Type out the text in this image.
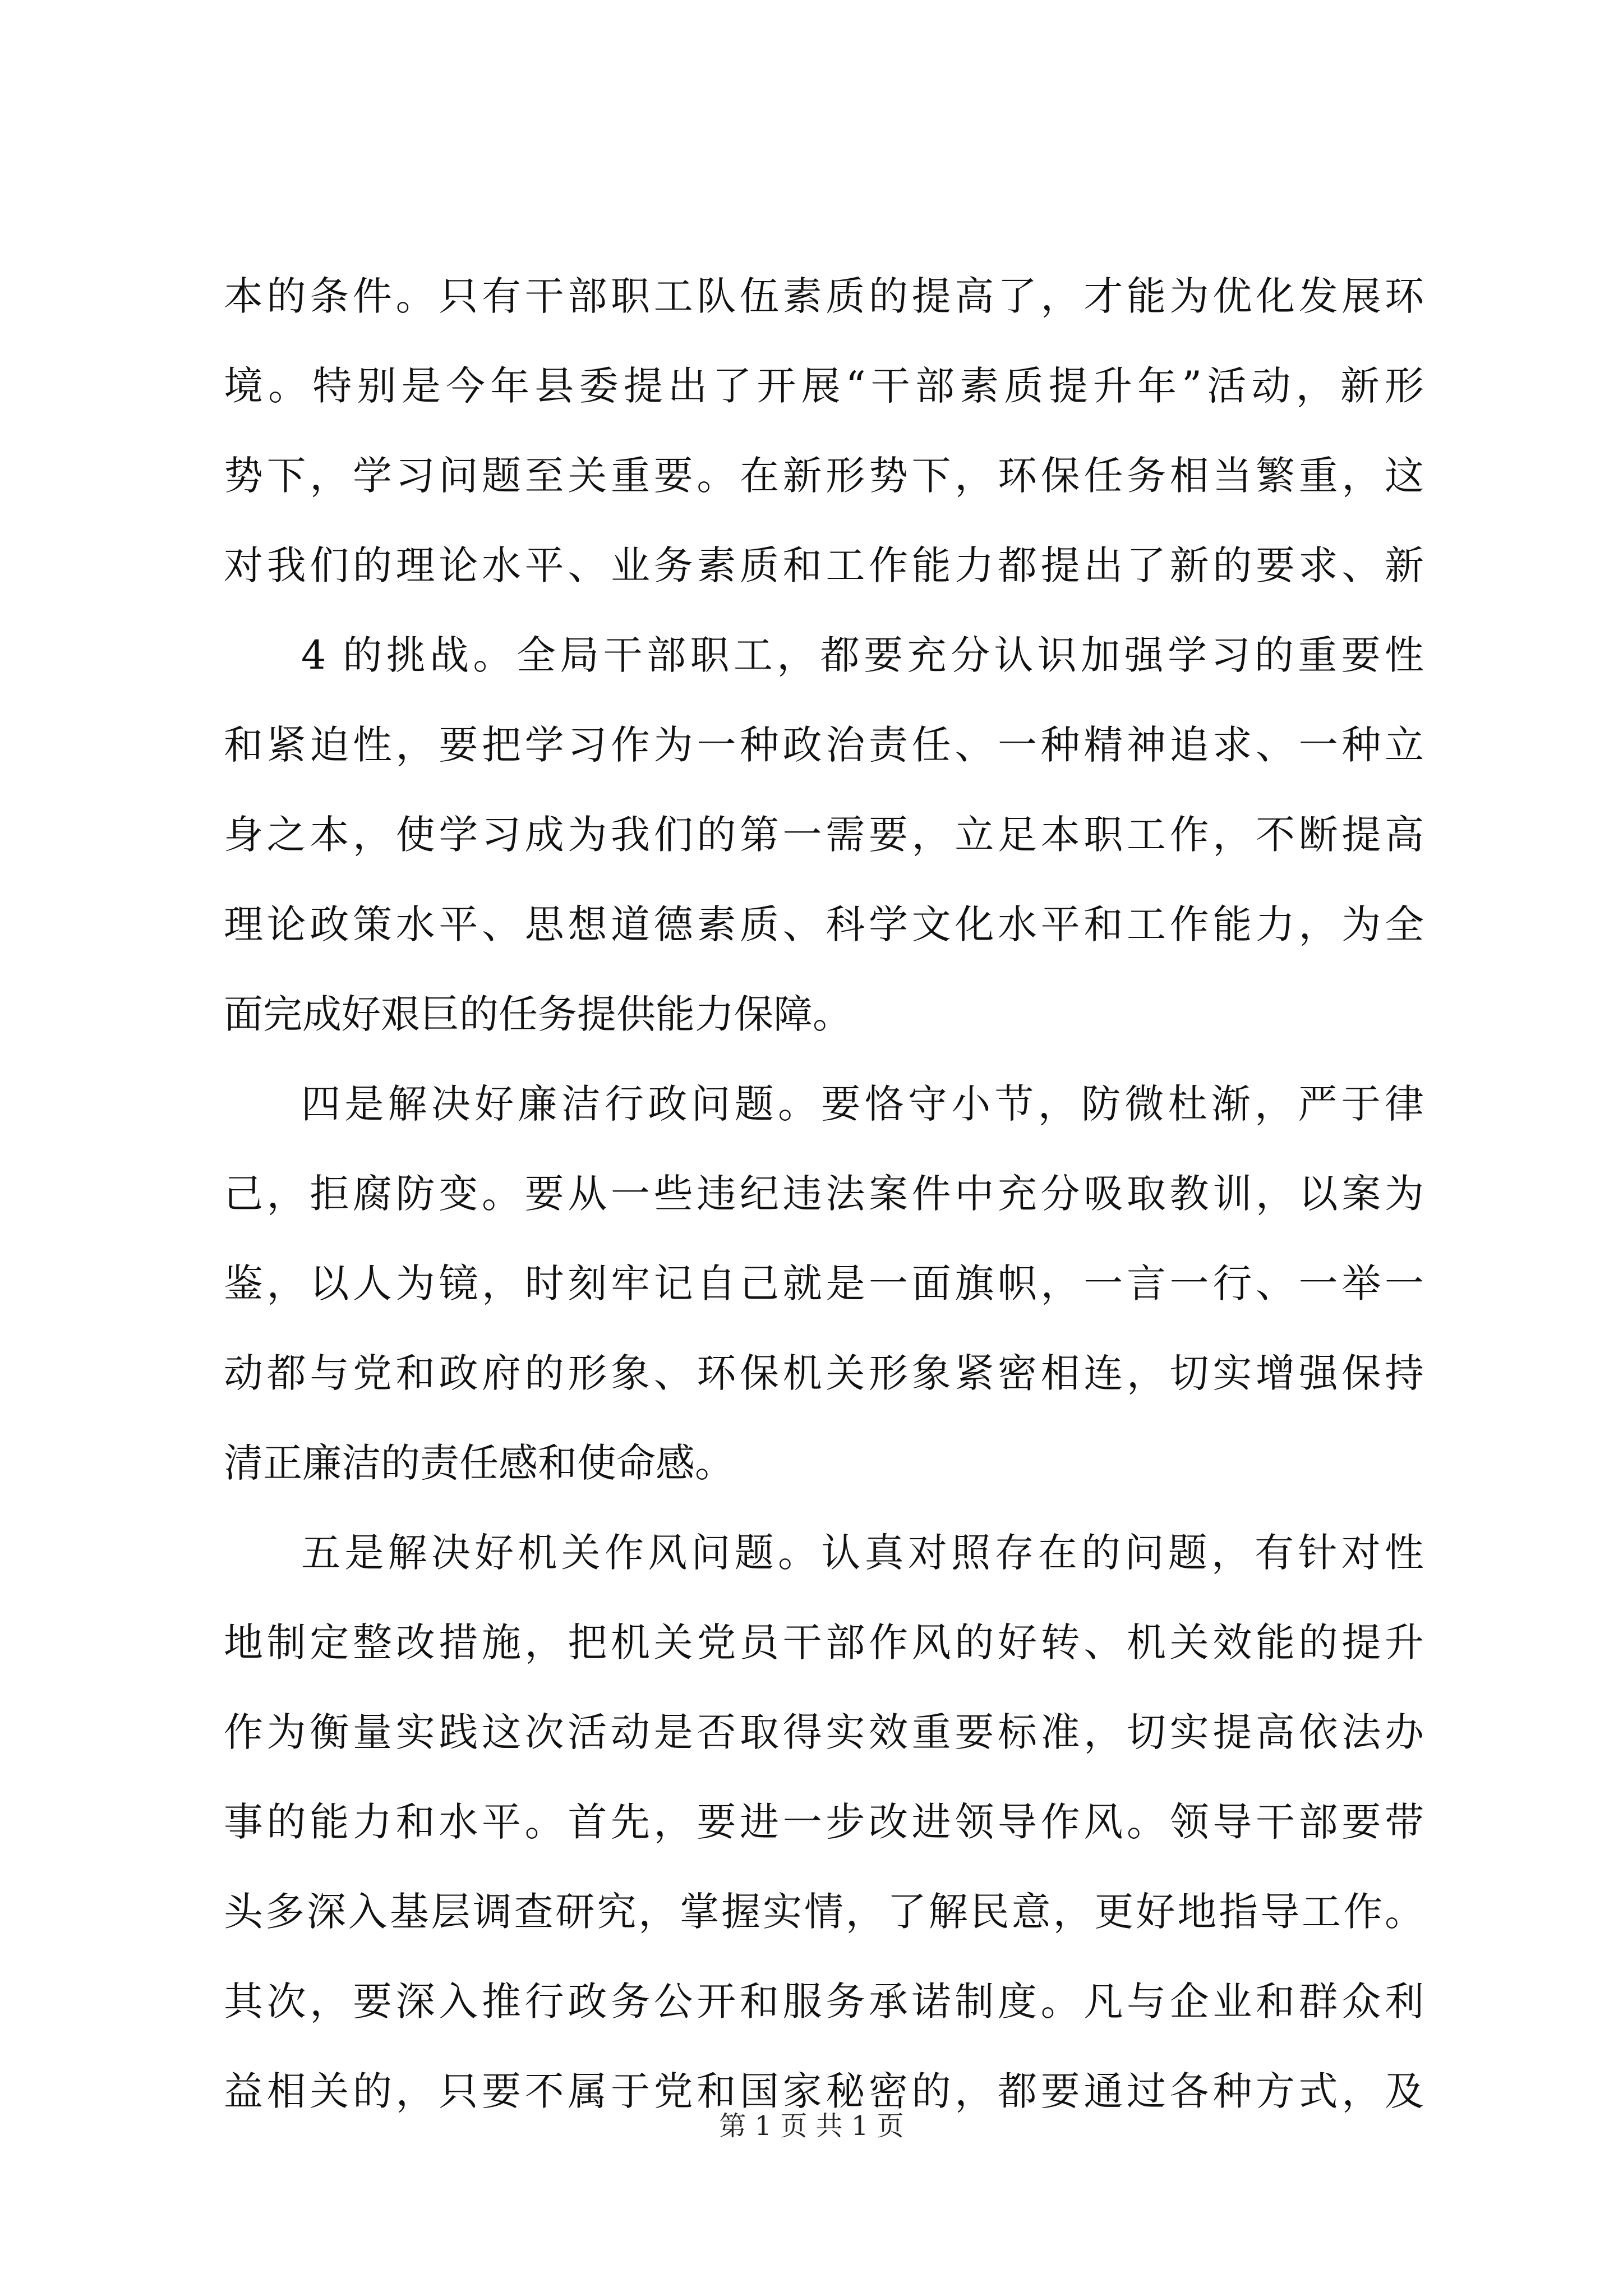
本的条件。只有干部职工队伍素质的提高了，才能为优化发展环
境。特别是今年县委提出了开展“干部素质提升年”活动，新形
势下，学习问题至关重要。在新形势下，环保任务相当繁重，这
对我们的理论水平、业务素质和工作能力都提出了新的要求、新
4 的挑战。全局干部职工，都要充分认识加强学习的重要性
和紧迫性，要把学习作为一种政治责任、一种精神追求、一种立
身之本，使学习成为我们的第一需要，立足本职工作，不断提高
理论政策水平、思想道德素质、科学文化水平和工作能力，为全
面完成好艰巨的任务提供能力保障。
四是解决好廉洁行政问题。要恪守小节，防微杜渐，严于律
己，拒腐防变。要从一些违纪违法案件中充分吸取教训，以案为
鉴，以人为镜，时刻牢记自己就是一面旗帜，一言一行、一举一
动都与党和政府的形象、环保机关形象紧密相连，切实增强保持
清正廉洁的责任感和使命感。
五是解决好机关作风问题。认真对照存在的问题，有针对性
地制定整改措施，把机关党员干部作风的好转、机关效能的提升
作为衡量实践这次活动是否取得实效重要标准，切实提高依法办
事的能力和水平。首先，要进一步改进领导作风。领导干部要带
头多深入基层调查研究，掌握实情，了解民意，更好地指导工作。
其次，要深入推行政务公开和服务承诺制度。凡与企业和群众利
益相关的，只要不属于党和国家秘密的，都要通过各种方式，及
第 1 页 共 1 页
